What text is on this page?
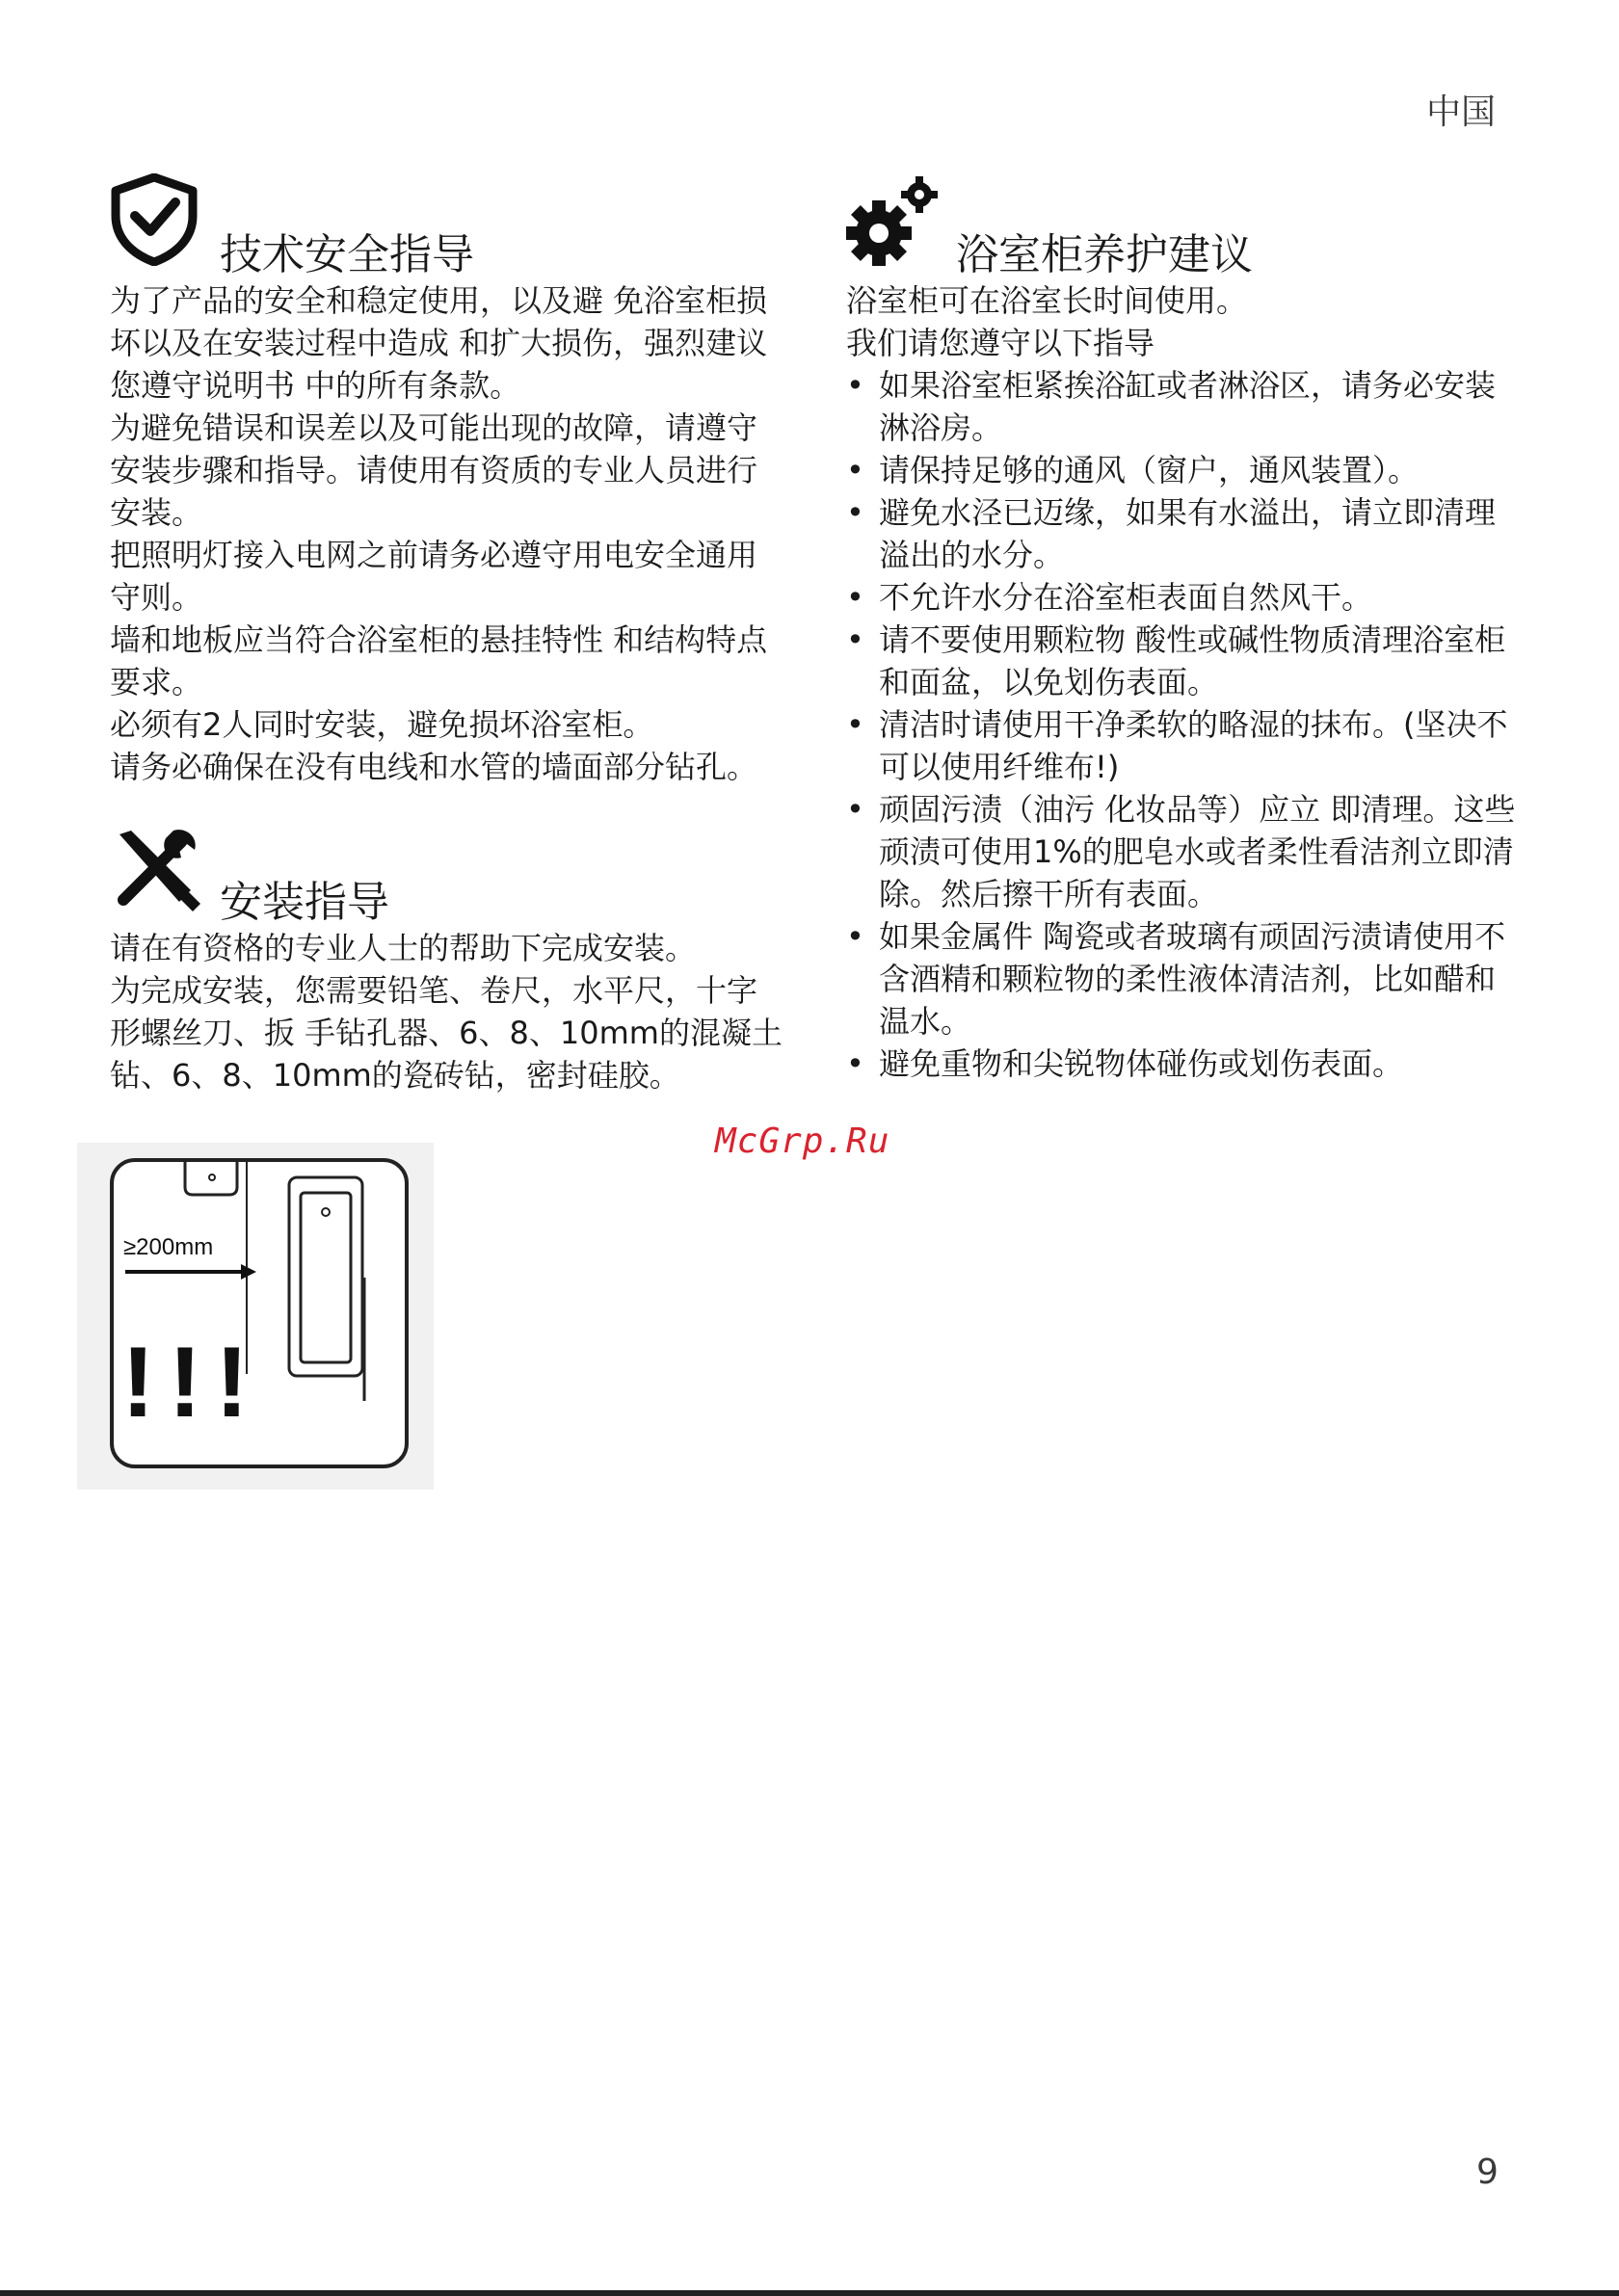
中国
技术安全指导

为了产品的安全和稳定使用，以及避 免浴室柜损坏以及在安装过程中造成 和扩大损伤，强烈建议您遵守说明书 中的所有条款。

为避免错误和误差以及可能出现的故障，请遵守安装步骤和指导。请使用有资质的专业人员进行安装。

把照明灯接入电网之前请务必遵守用电安全通用守则。

墙和地板应当符合浴室柜的悬挂特性 和结构特点要求。

必须有2人同时安装，避免损坏浴室柜。

请务必确保在没有电线和水管的墙面部分钻孔。

安装指导

请在有资格的专业人士的帮助下完成安装。

为完成安装，您需要铅笔、卷尺，水平尺，十字形螺丝刀、扳 手钻孔器、6、8、10mm的混凝土钻、6、8、10mm的瓷砖钻，密封硅胶。

≥200mm
!!!
浴室柜养护建议

浴室柜可在浴室长时间使用。

我们请您遵守以下指导

• 如果浴室柜紧挨浴缸或者淋浴区，请务必安装淋浴房。
• 请保持足够的通风（窗户，通风装置）。
• 避免水泾已迈缘，如果有水溢出，请立即清理溢出的水分。
• 不允许水分在浴室柜表面自然风干。
• 请不要使用颗粒物 酸性或碱性物质清理浴室柜和面盆，以免划伤表面。
• 清洁时请使用干净柔软的略湿的抹布。(坚决不可以使用纤维布!)
• 顽固污渍（油污 化妆品等）应立 即清理。这些顽渍可使用1%的肥皂水或者柔性看洁剂立即清除。然后擦干所有表面。
• 如果金属件 陶瓷或者玻璃有顽固污渍请使用不含酒精和颗粒物的柔性液体清洁剂，比如醋和温水。
• 避免重物和尖锐物体碰伤或划伤表面。
McGrp.Ru
9
